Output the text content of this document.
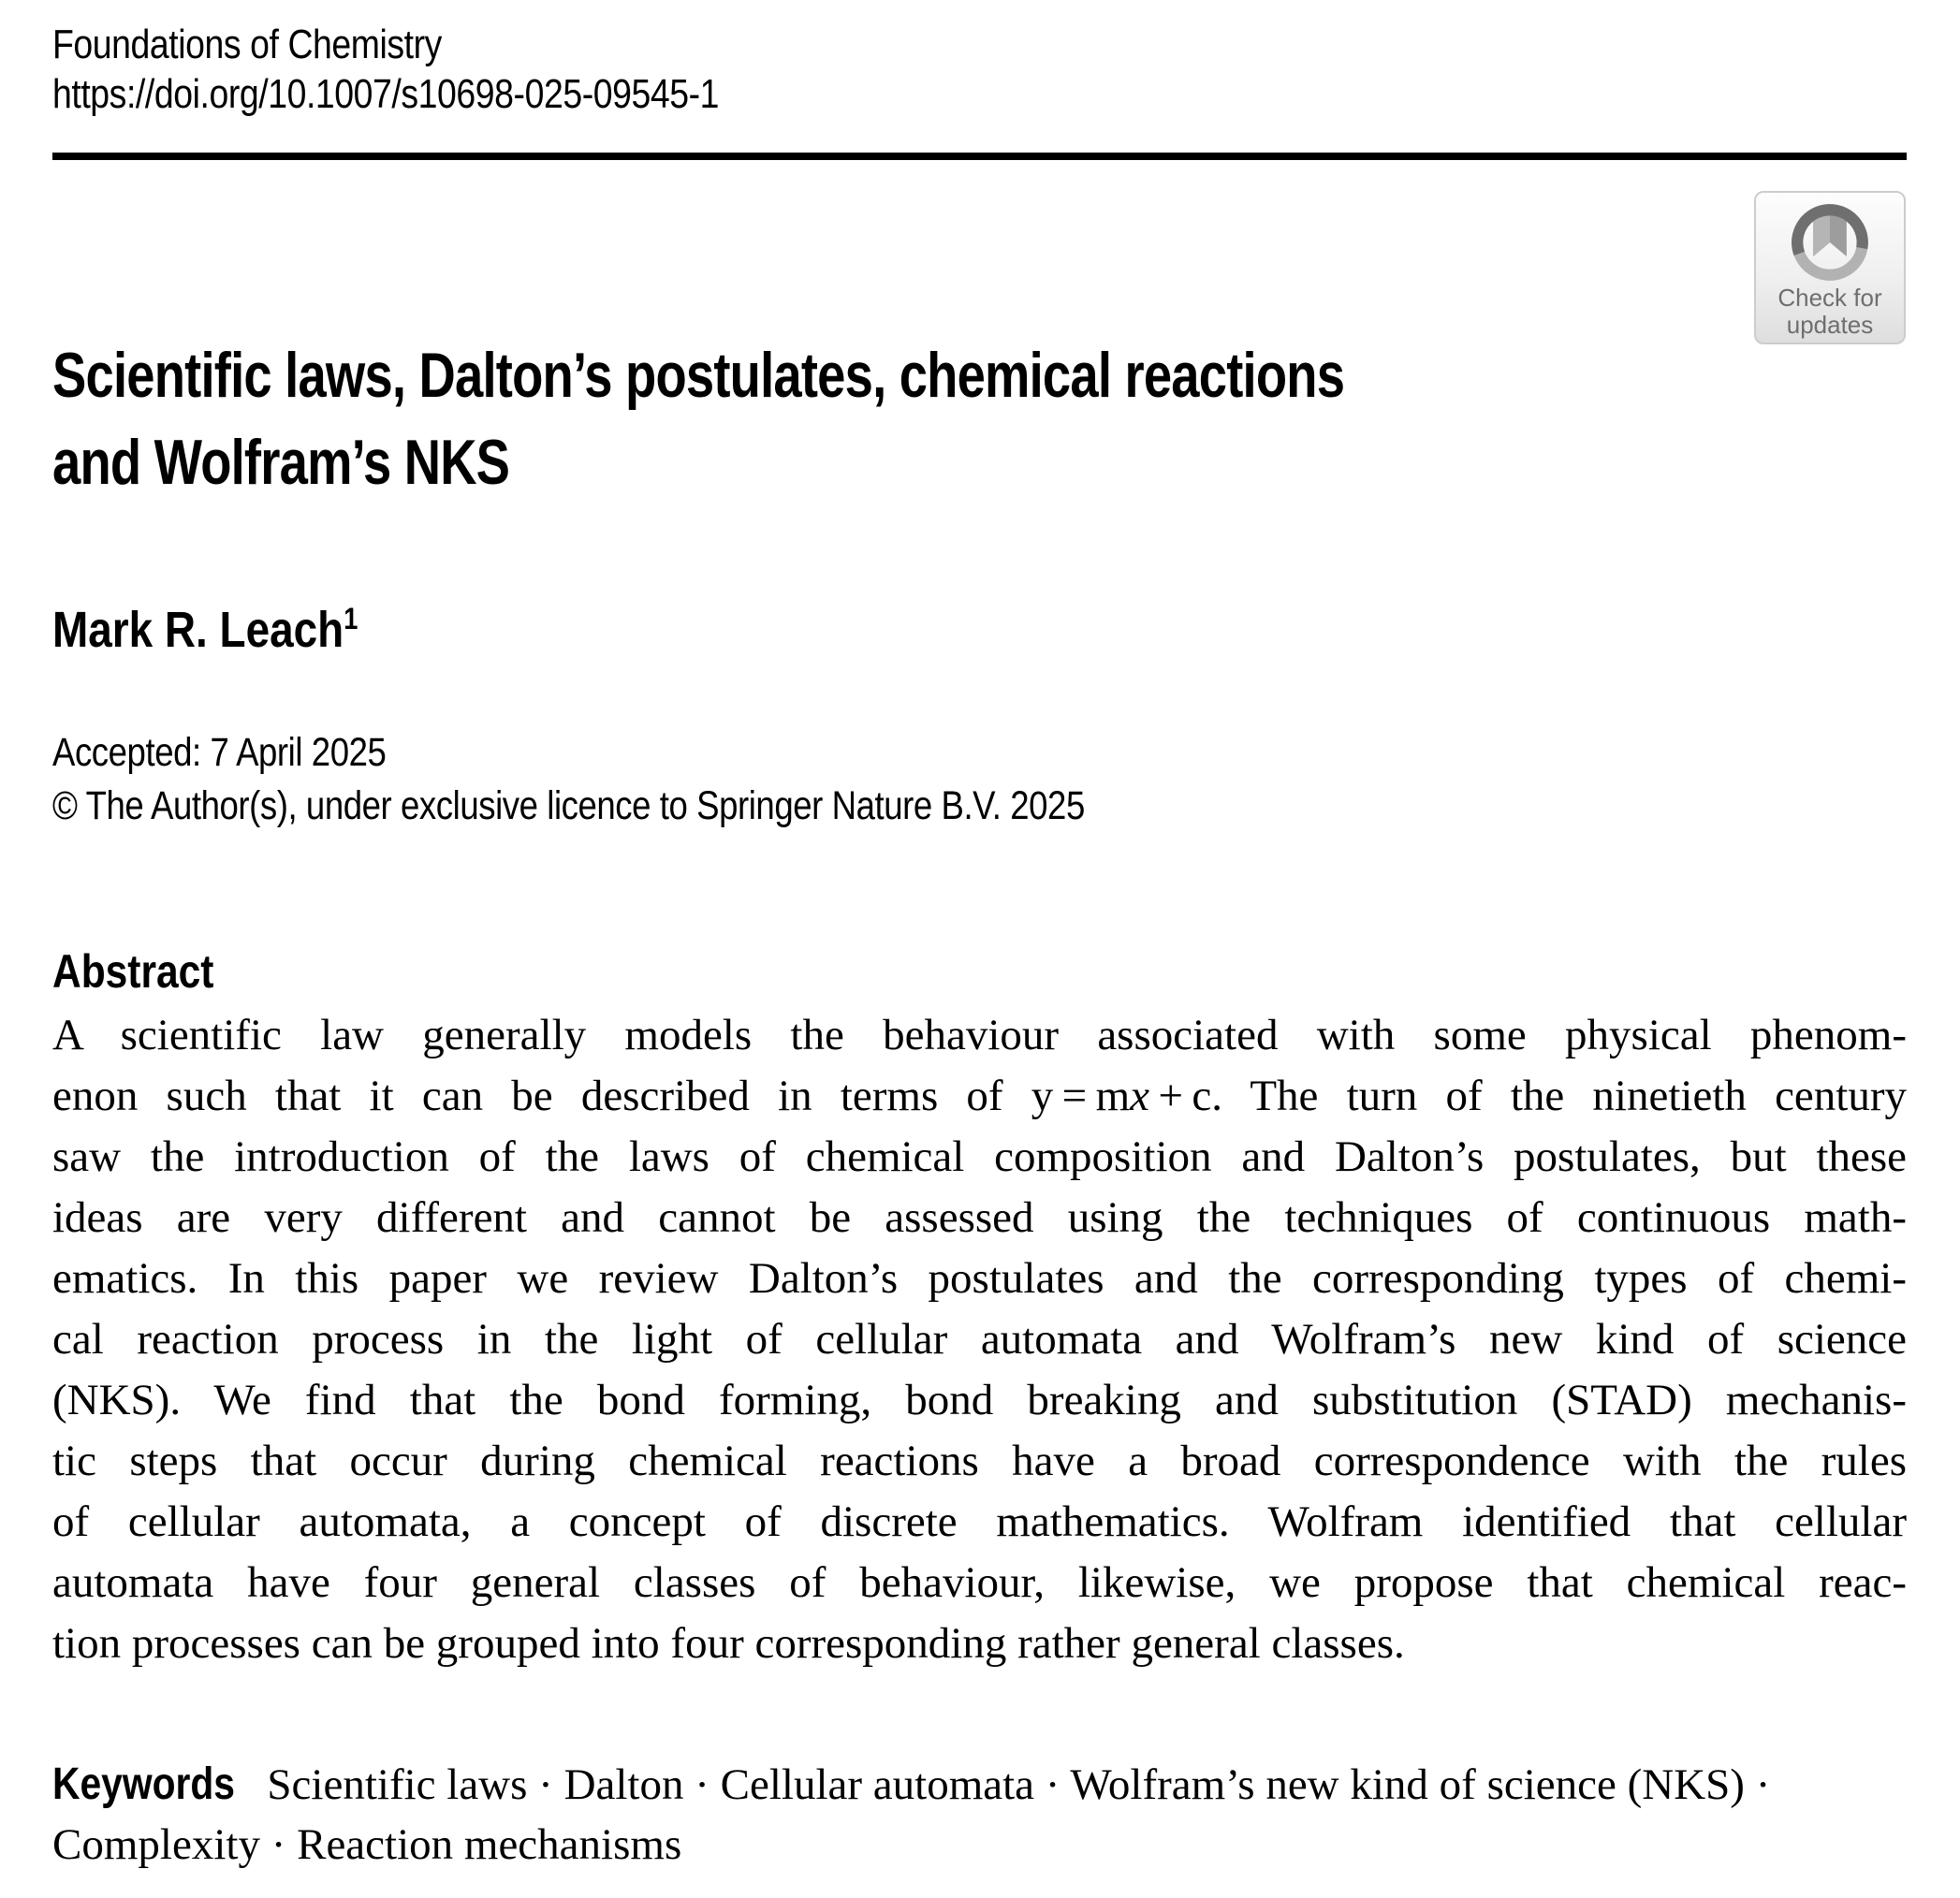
Foundations of Chemistry
https://doi.org/10.1007/s10698-025-09545-1
Check for
updates
Scientific laws, Dalton’s postulates, chemical reactions
and Wolfram’s NKS
Mark R. Leach$^1$
Accepted: 7 April 2025
© The Author(s), under exclusive licence to Springer Nature B.V. 2025
Abstract
A scientific law generally models the behaviour associated with some physical phenom-
enon such that it can be described in terms of y = mx + c. The turn of the ninetieth century
saw the introduction of the laws of chemical composition and Dalton’s postulates, but these
ideas are very different and cannot be assessed using the techniques of continuous math-
ematics. In this paper we review Dalton’s postulates and the corresponding types of chemi-
cal reaction process in the light of cellular automata and Wolfram’s new kind of science
(NKS). We find that the bond forming, bond breaking and substitution (STAD) mechanis-
tic steps that occur during chemical reactions have a broad correspondence with the rules
of cellular automata, a concept of discrete mathematics. Wolfram identified that cellular
automata have four general classes of behaviour, likewise, we propose that chemical reac-
tion processes can be grouped into four corresponding rather general classes.
Keywords Scientific laws · Dalton · Cellular automata · Wolfram’s new kind of science (NKS) · Complexity · Reaction mechanisms
